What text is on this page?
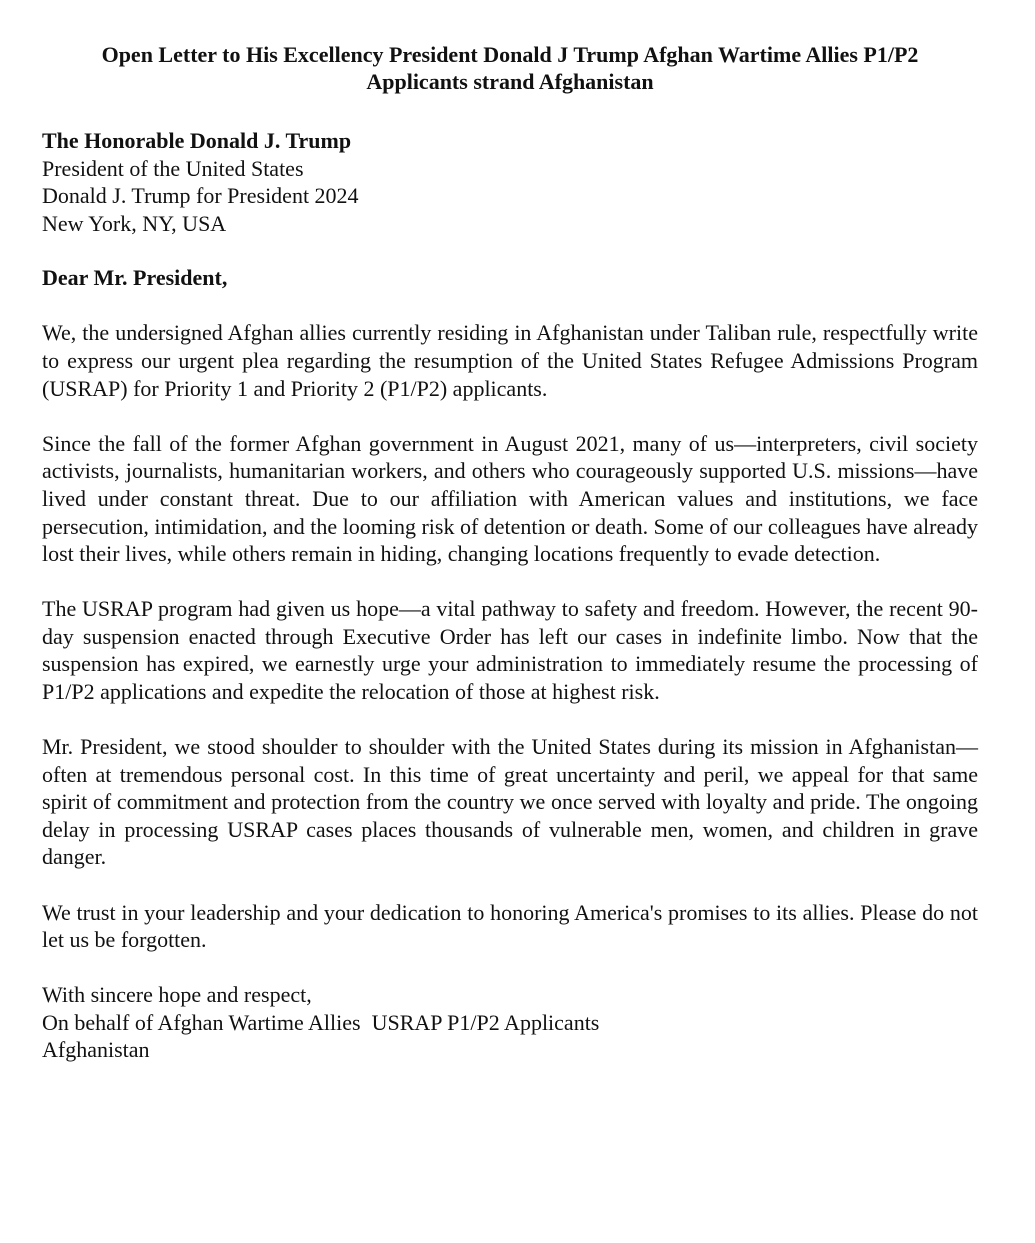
Open Letter to His Excellency President Donald J Trump Afghan Wartime Allies P1/P2 Applicants strand Afghanistan
The Honorable Donald J. Trump
President of the United States
Donald J. Trump for President 2024
New York, NY, USA
Dear Mr. President,
We, the undersigned Afghan allies currently residing in Afghanistan under Taliban rule, respectfully write to express our urgent plea regarding the resumption of the United States Refugee Admissions Program (USRAP) for Priority 1 and Priority 2 (P1/P2) applicants.
Since the fall of the former Afghan government in August 2021, many of us—interpreters, civil society activists, journalists, humanitarian workers, and others who courageously supported U.S. missions—have lived under constant threat. Due to our affiliation with American values and institutions, we face persecution, intimidation, and the looming risk of detention or death. Some of our colleagues have already lost their lives, while others remain in hiding, changing locations frequently to evade detection.
The USRAP program had given us hope—a vital pathway to safety and freedom. However, the recent 90-day suspension enacted through Executive Order has left our cases in indefinite limbo. Now that the suspension has expired, we earnestly urge your administration to immediately resume the processing of P1/P2 applications and expedite the relocation of those at highest risk.
Mr. President, we stood shoulder to shoulder with the United States during its mission in Afghanistan—often at tremendous personal cost. In this time of great uncertainty and peril, we appeal for that same spirit of commitment and protection from the country we once served with loyalty and pride. The ongoing delay in processing USRAP cases places thousands of vulnerable men, women, and children in grave danger.
We trust in your leadership and your dedication to honoring America's promises to its allies. Please do not let us be forgotten.
With sincere hope and respect,
On behalf of Afghan Wartime Allies  USRAP P1/P2 Applicants
Afghanistan
